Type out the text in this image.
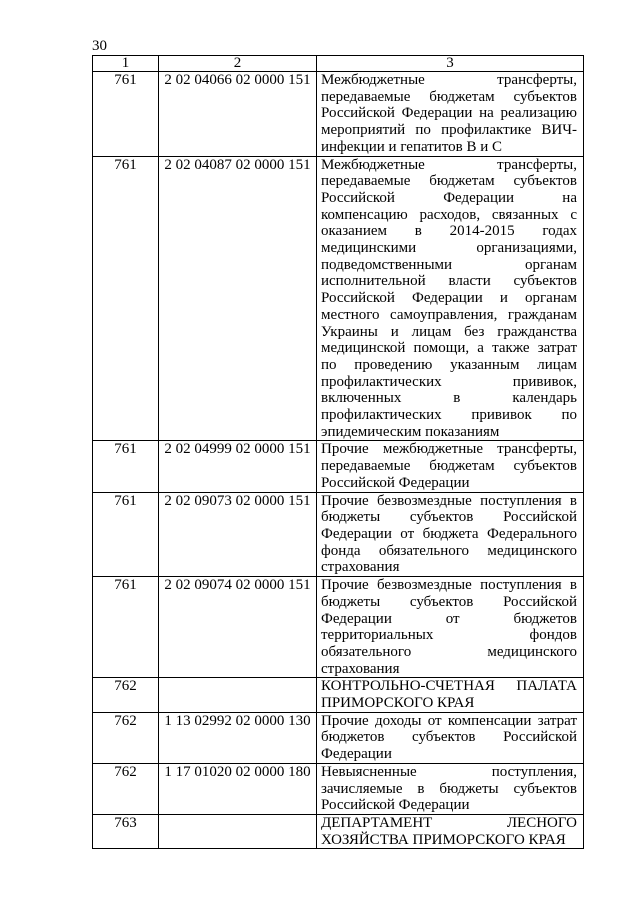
30
1	2	3
761	2 02 04066 02 0000 151	Межбюджетные трансферты, передаваемые бюджетам субъектов Российской Федерации на реализацию мероприятий по профилактике ВИЧ-инфекции и гепатитов В и С
761	2 02 04087 02 0000 151	Межбюджетные трансферты, передаваемые бюджетам субъектов Российской Федерации на компенсацию расходов, связанных с оказанием в 2014-2015 годах медицинскими организациями, подведомственными органам исполнительной власти субъектов Российской Федерации и органам местного самоуправления, гражданам Украины и лицам без гражданства медицинской помощи, а также затрат по проведению указанным лицам профилактических прививок, включенных в календарь профилактических прививок по эпидемическим показаниям
761	2 02 04999 02 0000 151	Прочие межбюджетные трансферты, передаваемые бюджетам субъектов Российской Федерации
761	2 02 09073 02 0000 151	Прочие безвозмездные поступления в бюджеты субъектов Российской Федерации от бюджета Федерального фонда обязательного медицинского страхования
761	2 02 09074 02 0000 151	Прочие безвозмездные поступления в бюджеты субъектов Российской Федерации от бюджетов территориальных фондов обязательного медицинского страхования
762		КОНТРОЛЬНО-СЧЕТНАЯ ПАЛАТА ПРИМОРСКОГО КРАЯ
762	1 13 02992 02 0000 130	Прочие доходы от компенсации затрат бюджетов субъектов Российской Федерации
762	1 17 01020 02 0000 180	Невыясненные поступления, зачисляемые в бюджеты субъектов Российской Федерации
763		ДЕПАРТАМЕНТ ЛЕСНОГО ХОЗЯЙСТВА ПРИМОРСКОГО КРАЯ
